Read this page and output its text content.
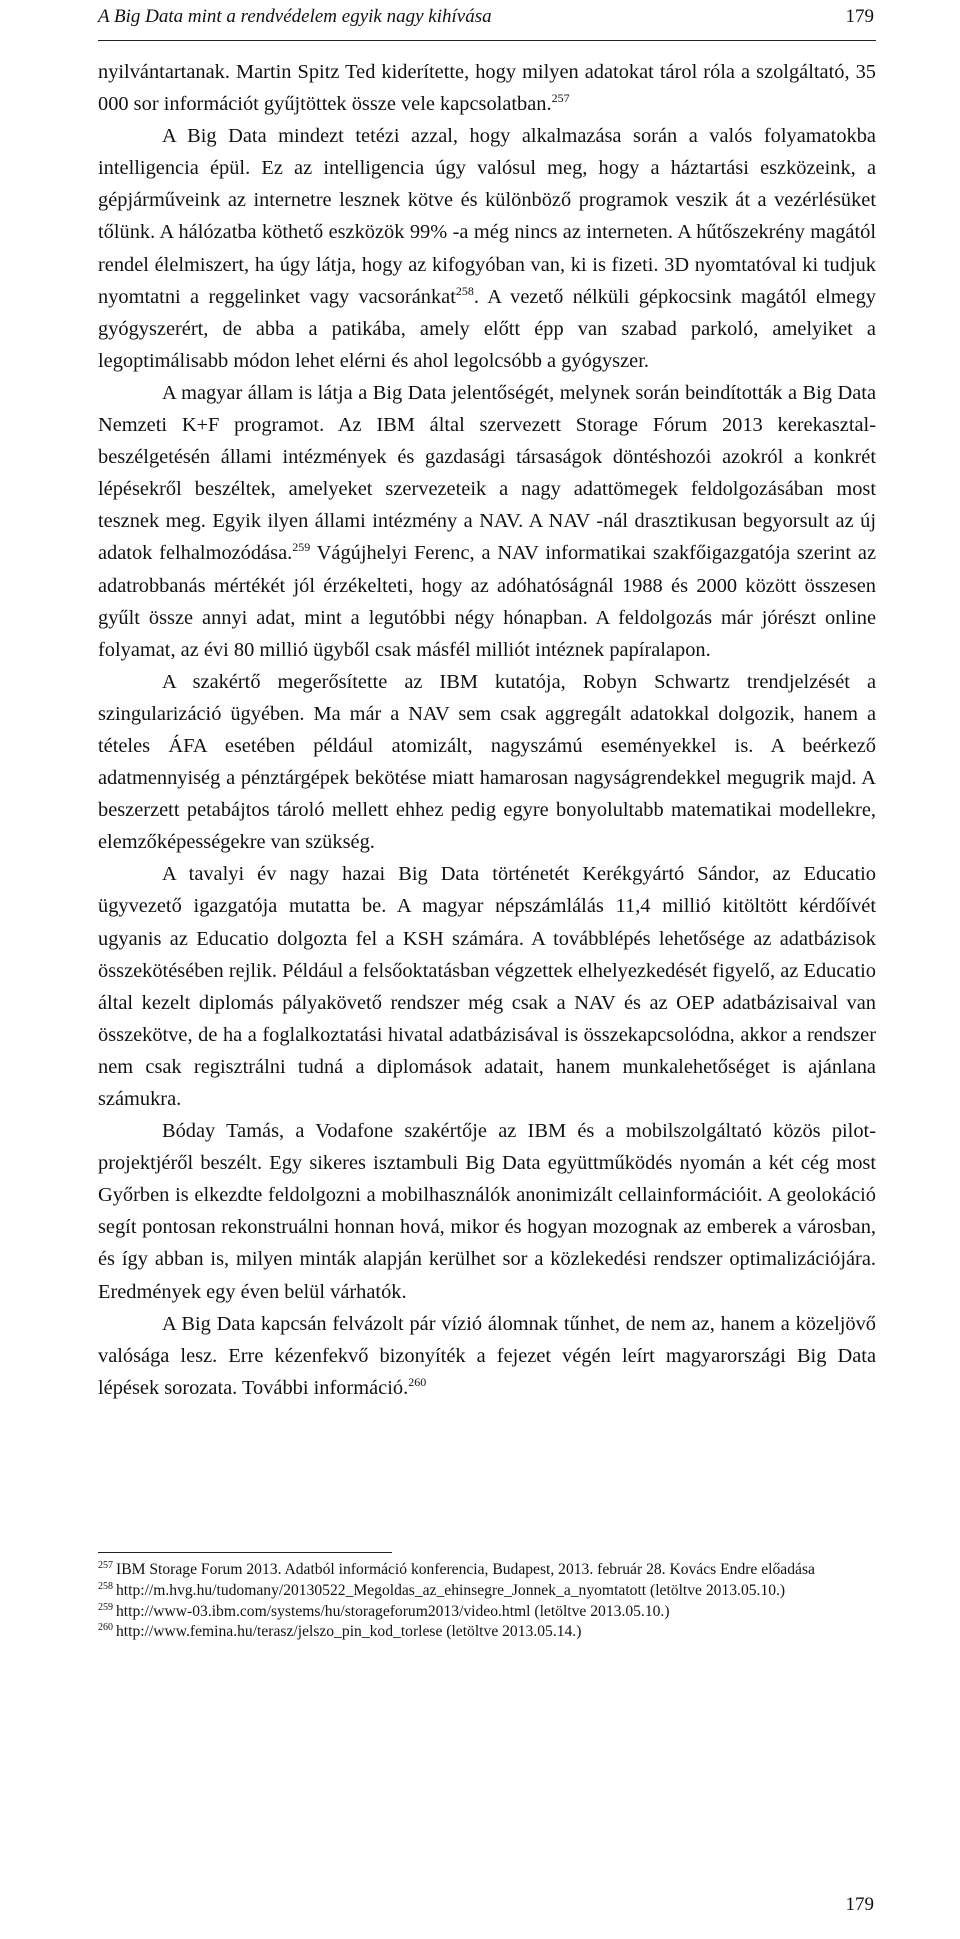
A Big Data mint a rendvédelem egyik nagy kihívása	179

nyilvántartanak. Martin Spitz Ted kiderítette, hogy milyen adatokat tárol róla a szolgáltató, 35 000 sor információt gyűjtöttek össze vele kapcsolatban.$^{257}$

A Big Data mindezt tetézi azzal, hogy alkalmazása során a valós folyamatokba intelligencia épül. Ez az intelligencia úgy valósul meg, hogy a háztartási eszközeink, a gépjárműveink az internetre lesznek kötve és különböző programok veszik át a vezérlésüket tőlünk. A hálózatba köthető eszközök 99% -a még nincs az interneten. A hűtőszekrény magától rendel élelmiszert, ha úgy látja, hogy az kifogyóban van, ki is fizeti. 3D nyomtatóval ki tudjuk nyomtatni a reggelinket vagy vacsoránkat$^{258}$. A vezető nélküli gépkocsink magától elmegy gyógyszerért, de abba a patikába, amely előtt épp van szabad parkoló, amelyiket a legoptimálisabb módon lehet elérni és ahol legolcsóbb a gyógyszer.

A magyar állam is látja a Big Data jelentőségét, melynek során beindították a Big Data Nemzeti K+F programot. Az IBM által szervezett Storage Fórum 2013 kerekasztal-beszélgetésén állami intézmények és gazdasági társaságok döntéshozói azokról a konkrét lépésekről beszéltek, amelyeket szervezeteik a nagy adattömegek feldolgozásában most tesznek meg. Egyik ilyen állami intézmény a NAV. A NAV -nál drasztikusan begyorsult az új adatok felhalmozódása.$^{259}$ Vágújhelyi Ferenc, a NAV informatikai szakfőigazgatója szerint az adatrobbanás mértékét jól érzékelteti, hogy az adóhatóságnál 1988 és 2000 között összesen gyűlt össze annyi adat, mint a legutóbbi négy hónapban. A feldolgozás már jórészt online folyamat, az évi 80 millió ügyből csak másfél milliót intéznek papíralapon.

A szakértő megerősítette az IBM kutatója, Robyn Schwartz trendjelzését a szingularizáció ügyében. Ma már a NAV sem csak aggregált adatokkal dolgozik, hanem a tételes ÁFA esetében például atomizált, nagyszámú eseményekkel is. A beérkező adatmennyiség a pénztárgépek bekötése miatt hamarosan nagyságrendekkel megugrik majd. A beszerzett petabájtos tároló mellett ehhez pedig egyre bonyolultabb matematikai modellekre, elemzőképességekre van szükség.

A tavalyi év nagy hazai Big Data történetét Kerékgyártó Sándor, az Educatio ügyvezető igazgatója mutatta be. A magyar népszámlálás 11,4 millió kitöltött kérdőívét ugyanis az Educatio dolgozta fel a KSH számára. A továbblépés lehetősége az adatbázisok összekötésében rejlik. Például a felsőoktatásban végzettek elhelyezkedését figyelő, az Educatio által kezelt diplomás pályakövető rendszer még csak a NAV és az OEP adatbázisaival van összekötve, de ha a foglalkoztatási hivatal adatbázisával is összekapcsolódna, akkor a rendszer nem csak regisztrálni tudná a diplomások adatait, hanem munkalehetőséget is ajánlana számukra.

Bóday Tamás, a Vodafone szakértője az IBM és a mobilszolgáltató közös pilot-projektjéről beszélt. Egy sikeres isztambuli Big Data együttműködés nyomán a két cég most Győrben is elkezdte feldolgozni a mobilhasználók anonimizált cellainformációit. A geolokáció segít pontosan rekonstruálni honnan hová, mikor és hogyan mozognak az emberek a városban, és így abban is, milyen minták alapján kerülhet sor a közlekedési rendszer optimalizációjára. Eredmények egy éven belül várhatók.

A Big Data kapcsán felvázolt pár vízió álomnak tűnhet, de nem az, hanem a közeljövő valósága lesz. Erre kézenfekvő bizonyíték a fejezet végén leírt magyarországi Big Data lépések sorozata. További információ.$^{260}$

$^{257}$ IBM Storage Forum 2013. Adatból információ konferencia, Budapest, 2013. február 28. Kovács Endre előadása
$^{258}$ http://m.hvg.hu/tudomany/20130522_Megoldas_az_ehinsegre_Jonnek_a_nyomtatott (letöltve 2013.05.10.)
$^{259}$ http://www-03.ibm.com/systems/hu/storageforum2013/video.html (letöltve 2013.05.10.)
$^{260}$ http://www.femina.hu/terasz/jelszo_pin_kod_torlese (letöltve 2013.05.14.)
179
